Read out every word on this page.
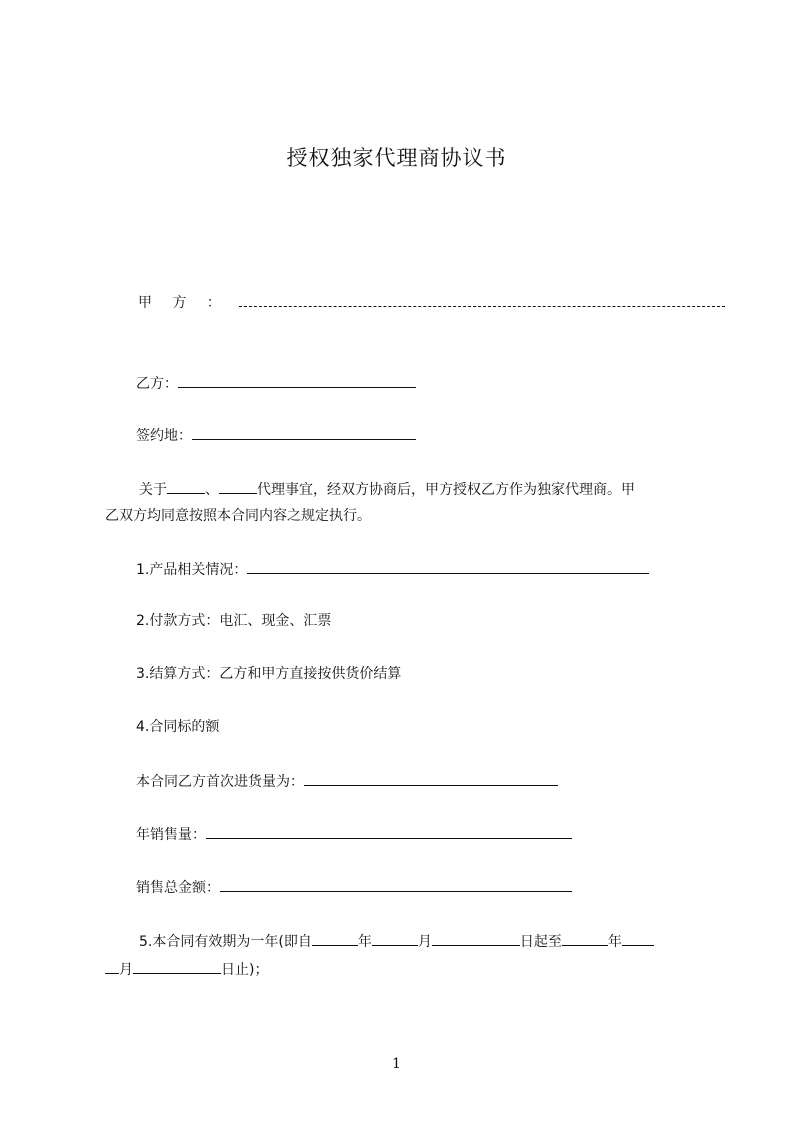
授权独家代理商协议书
甲 方 ：
乙方：
签约地：
关于	、	代理事宜，经双方协商后，甲方授权乙方作为独家代理商。甲
乙双方均同意按照本合同内容之规定执行。
1.产品相关情况：
2.付款方式：电汇、现金、汇票
3.结算方式：乙方和甲方直接按供货价结算
4.合同标的额
本合同乙方首次进货量为：
年销售量：
销售总金额：
5.本合同有效期为一年(即自	年	月	日起至	年
月	日止)；
1
